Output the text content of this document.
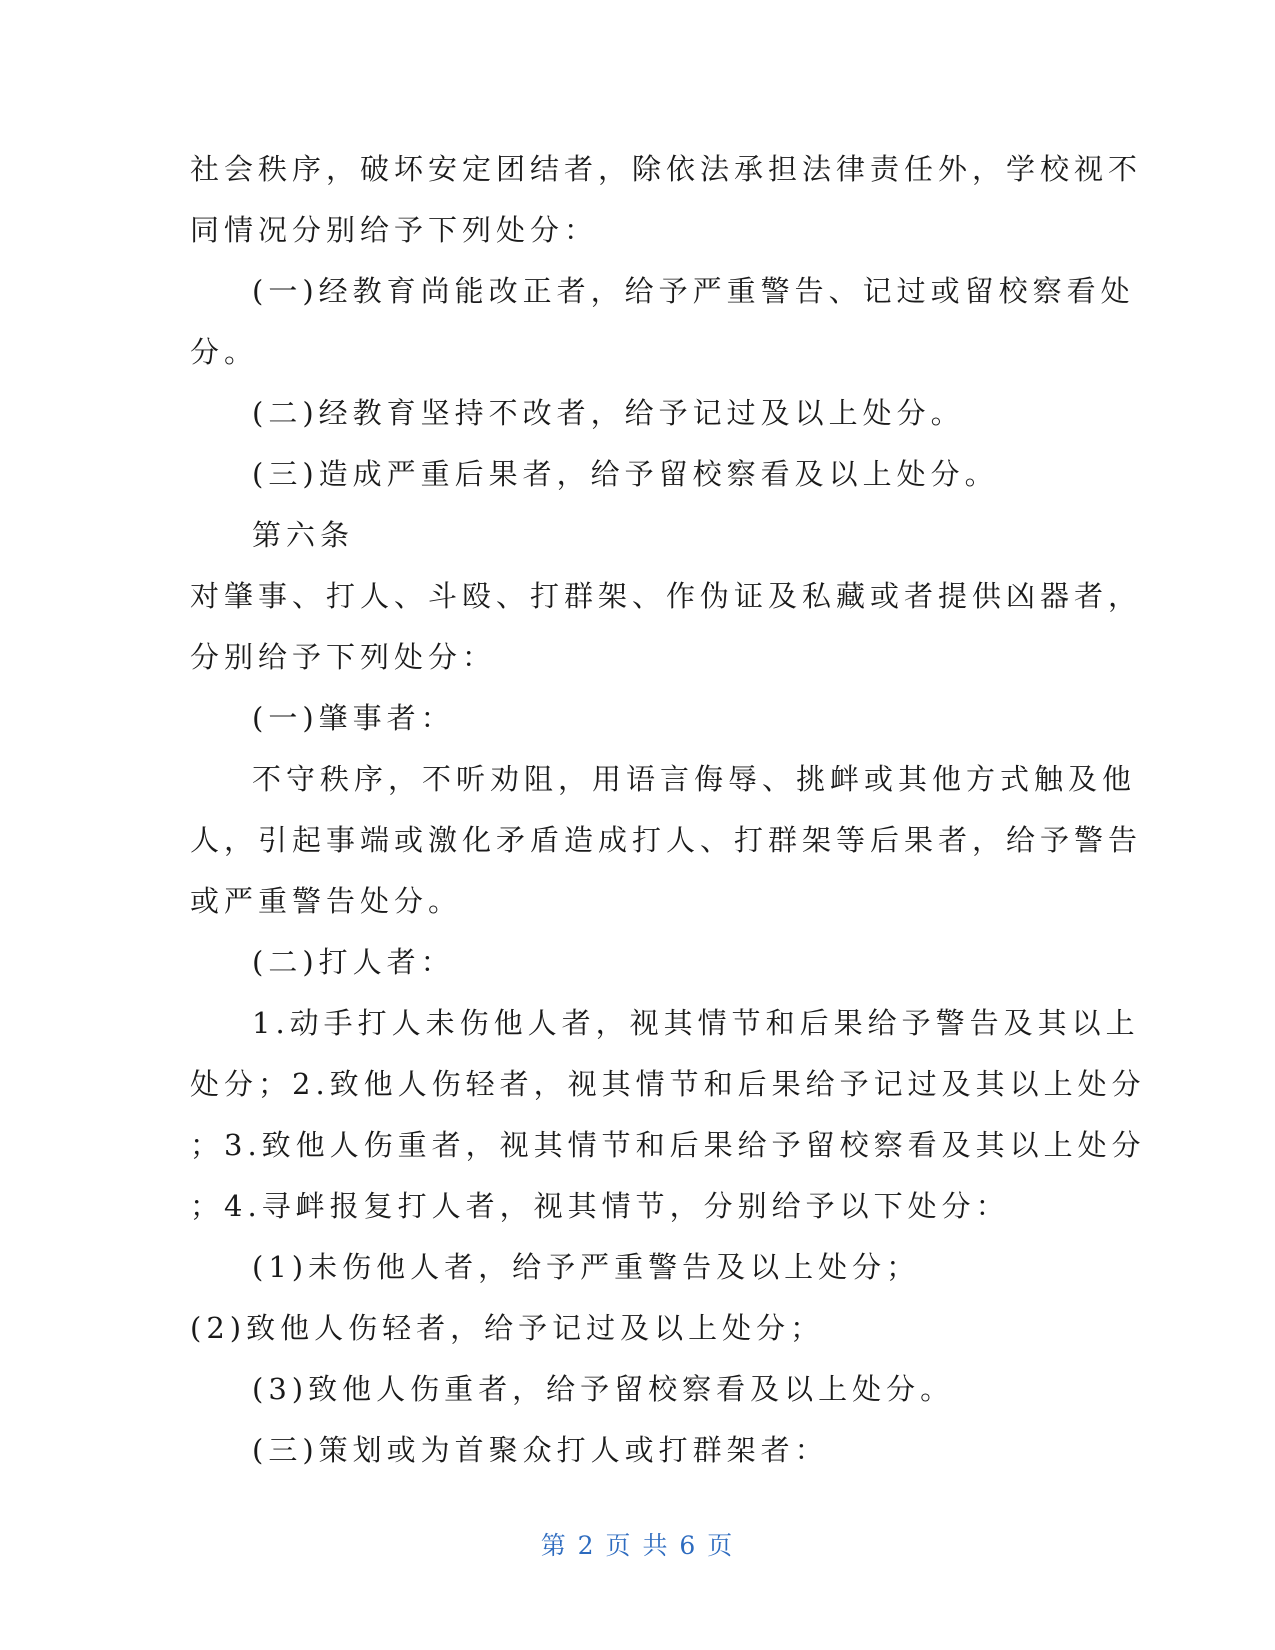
社会秩序，破坏安定团结者，除依法承担法律责任外，学校视不
同情况分别给予下列处分：
(一)经教育尚能改正者，给予严重警告、记过或留校察看处
分。
(二)经教育坚持不改者，给予记过及以上处分。
(三)造成严重后果者，给予留校察看及以上处分。
第六条
对肇事、打人、斗殴、打群架、作伪证及私藏或者提供凶器者，
分别给予下列处分：
(一)肇事者：
不守秩序，不听劝阻，用语言侮辱、挑衅或其他方式触及他
人，引起事端或激化矛盾造成打人、打群架等后果者，给予警告
或严重警告处分。
(二)打人者：
1.动手打人未伤他人者，视其情节和后果给予警告及其以上
处分；2.致他人伤轻者，视其情节和后果给予记过及其以上处分
；3.致他人伤重者，视其情节和后果给予留校察看及其以上处分
；4.寻衅报复打人者，视其情节，分别给予以下处分：
(1)未伤他人者，给予严重警告及以上处分；
(2)致他人伤轻者，给予记过及以上处分；
(3)致他人伤重者，给予留校察看及以上处分。
(三)策划或为首聚众打人或打群架者：
第 2 页 共 6 页
